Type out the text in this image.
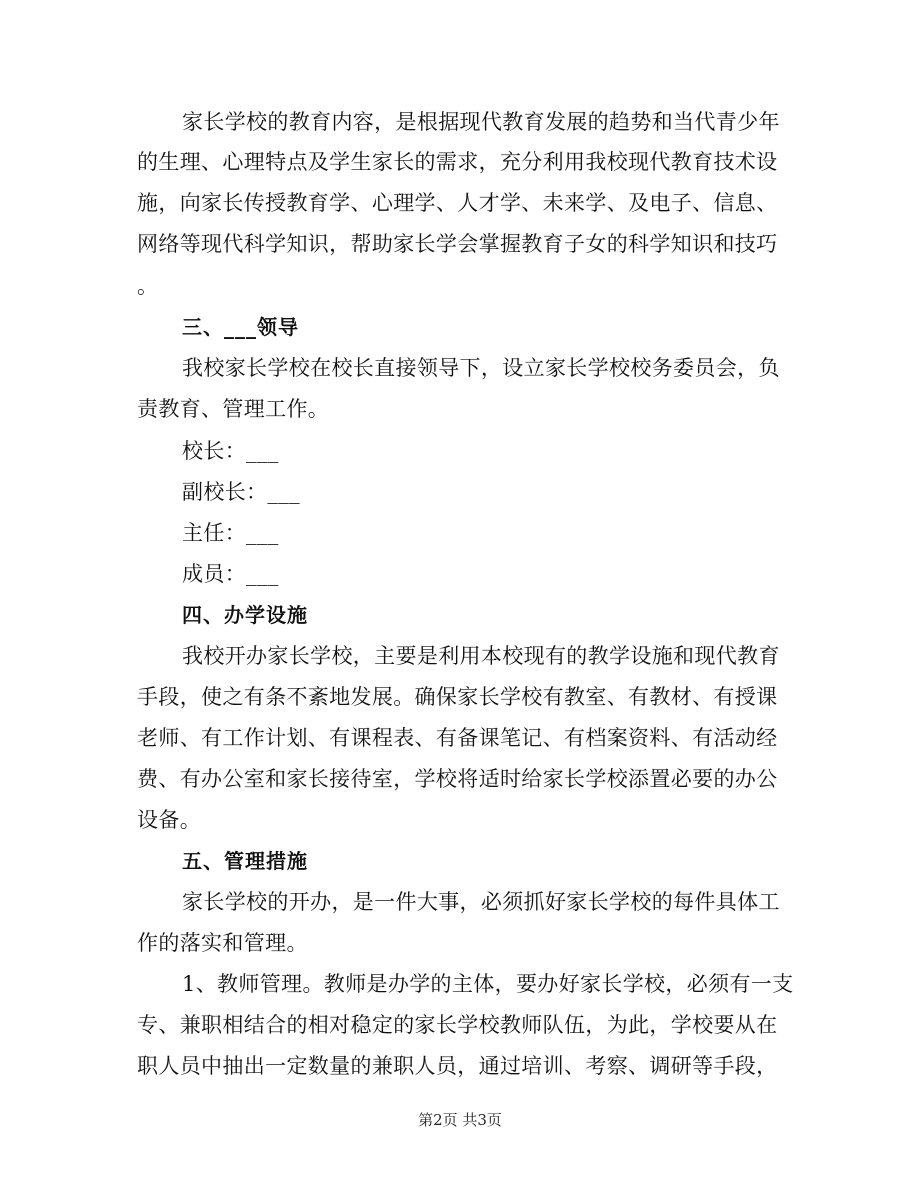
家长学校的教育内容，是根据现代教育发展的趋势和当代青少年
的生理、心理特点及学生家长的需求，充分利用我校现代教育技术设
施，向家长传授教育学、心理学、人才学、未来学、及电子、信息、
网络等现代科学知识，帮助家长学会掌握教育子女的科学知识和技巧
。
三、___领导
我校家长学校在校长直接领导下，设立家长学校校务委员会，负
责教育、管理工作。
校长：___
副校长：___
主任：___
成员：___
四、办学设施
我校开办家长学校，主要是利用本校现有的教学设施和现代教育
手段，使之有条不紊地发展。确保家长学校有教室、有教材、有授课
老师、有工作计划、有课程表、有备课笔记、有档案资料、有活动经
费、有办公室和家长接待室，学校将适时给家长学校添置必要的办公
设备。
五、管理措施
家长学校的开办，是一件大事，必须抓好家长学校的每件具体工
作的落实和管理。
1、教师管理。教师是办学的主体，要办好家长学校，必须有一支
专、兼职相结合的相对稳定的家长学校教师队伍，为此，学校要从在
职人员中抽出一定数量的兼职人员，通过培训、考察、调研等手段，
第2页 共3页
